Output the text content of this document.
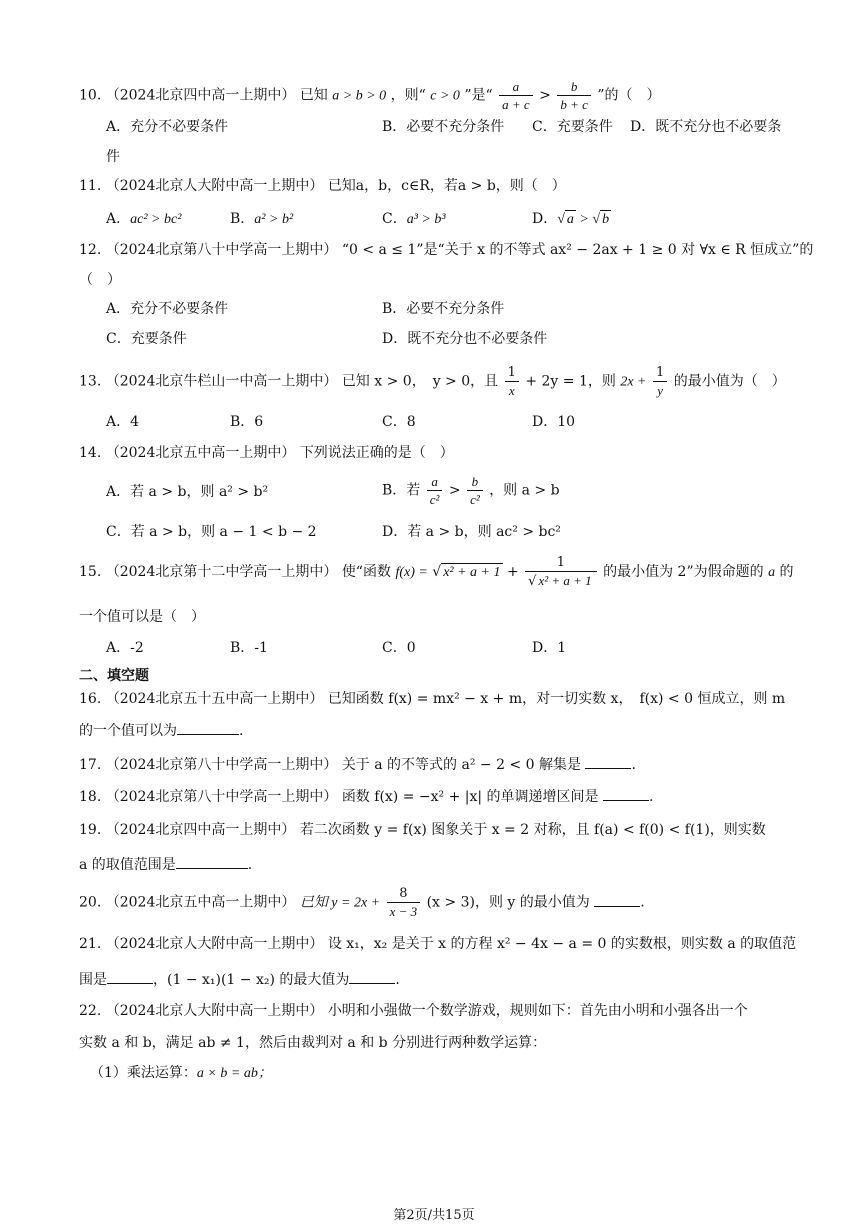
10. （2024北京四中高一上期中） 已知 a > b > 0 ，则“ c > 0 ”是“ $\frac{a}{a + c} > \frac{b}{b + c}$ ”的（　）
A．充分不必要条件	B．必要不充分条件 C．充要条件 D．既不充分也不必要条
件
11. （2024北京人大附中高一上期中） 已知a，b，c∈R，若a > b，则（　）
A．ac² > bc²	B．a² > b²	C．a³ > b³	D．√ a > √ b
12. （2024北京第八十中学高一上期中） “0 < a ≤ 1”是“关于 x 的不等式 ax² − 2ax + 1 ≥ 0 对 ∀x ∈ R 恒成立”的
（　）
A．充分不必要条件	B．必要不充分条件
C．充要条件	D．既不充分也不必要条件
13. （2024北京牛栏山一中高一上期中） 已知 x > 0，　y > 0，且 $\frac{1}{x} + 2y = 1$，则 $2x + \frac{1}{y}$ 的最小值为（　）
A．4	B．6	C．8	D．10
14. （2024北京五中高一上期中） 下列说法正确的是（　）
A．若 a > b，则 a² > b²	B．若 $\frac{a}{\text{c²}} > \frac{b}{\text{c²}}$ ，则 a > b
C．若 a > b，则 a − 1 < b − 2	D．若 a > b，则 ac² > bc²
15. （2024北京第十二中学高一上期中） 使“函数 f(x) = √ $x^2 + a + 1 + \frac{1}{\text{√ x² + a + 1}}$ 的最小值为 2”为假命题的 a 的
一个值可以是（　）
A．-2	B．-1	C．0	D．1
二、填空题
16. （2024北京五十五中高一上期中） 已知函数 f(x) = mx² − x + m，对一切实数 x，　f(x) < 0 恒成立，则 m
的一个值可以为	.
17. （2024北京第八十中学高一上期中） 关于 a 的不等式的 a² − 2 < 0 解集是	.
18. （2024北京第八十中学高一上期中） 函数 f(x) = −x² + |x| 的单调递增区间是	.
19. （2024北京四中高一上期中） 若二次函数 y = f(x) 图象关于 x = 2 对称，且 f(a) < f(0) < f(1)，则实数
a 的取值范围是	.
20. （2024北京五中高一上期中） 已知 $y = 2x + \frac{8}{x - 3} (x > 3)$，则 y 的最小值为	.
21. （2024北京人大附中高一上期中） 设 x₁，x₂ 是关于 x 的方程 x² − 4x − a = 0 的实数根，则实数 a 的取值范
围是	，(1 − x₁)(1 − x₂) 的最大值为	.
22. （2024北京人大附中高一上期中） 小明和小强做一个数学游戏，规则如下：首先由小明和小强各出一个
实数 a 和 b，满足 ab ≠ 1，然后由裁判对 a 和 b 分别进行两种数学运算：
（1）乘法运算：a × b = ab；
第2页/共15页
